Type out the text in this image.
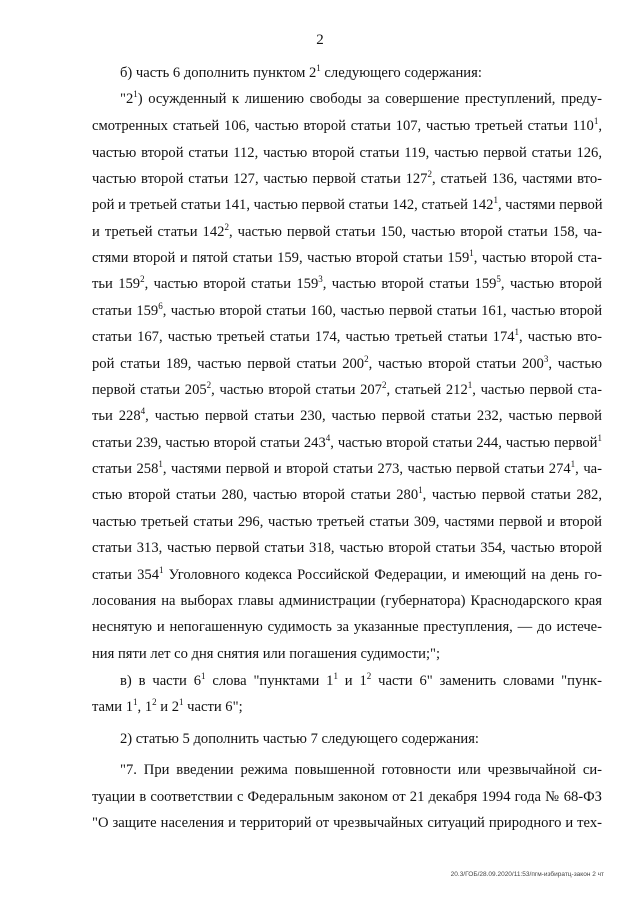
2
б) часть 6 дополнить пунктом $2^1$ следующего содержания:
"$2^1$) осужденный к лишению свободы за совершение преступлений, преду-
смотренных статьей 106, частью второй статьи 107, частью третьей статьи $110^1$,
частью второй статьи 112, частью второй статьи 119, частью первой статьи 126,
частью второй статьи 127, частью первой статьи $127^2$, статьей 136, частями вто-
рой и третьей статьи 141, частью первой статьи 142, статьей $142^1$, частями первой
и третьей статьи $142^2$, частью первой статьи 150, частью второй статьи 158, ча-
стями второй и пятой статьи 159, частью второй статьи $159^1$, частью второй ста-
тьи $159^2$, частью второй статьи $159^3$, частью второй статьи $159^5$, частью второй
статьи $159^6$, частью второй статьи 160, частью первой статьи 161, частью второй
статьи 167, частью третьей статьи 174, частью третьей статьи $174^1$, частью вто-
рой статьи 189, частью первой статьи $200^2$, частью второй статьи $200^3$, частью
первой статьи $205^2$, частью второй статьи $207^2$, статьей $212^1$, частью первой ста-
тьи $228^4$, частью первой статьи 230, частью первой статьи 232, частью первой
статьи 239, частью второй статьи $243^4$, частью второй статьи 244, частью первой$^1$
статьи $258^1$, частями первой и второй статьи 273, частью первой статьи $274^1$, ча-
стью второй статьи 280, частью второй статьи $280^1$, частью первой статьи 282,
частью третьей статьи 296, частью третьей статьи 309, частями первой и второй
статьи 313, частью первой статьи 318, частью второй статьи 354, частью второй
статьи $354^1$ Уголовного кодекса Российской Федерации, и имеющий на день го-
лосования на выборах главы администрации (губернатора) Краснодарского края
неснятую и непогашенную судимость за указанные преступления, — до истече-
ния пяти лет со дня снятия или погашения судимости;";
в) в части $6^1$ слова "пунктами $1^1$ и $1^2$ части 6" заменить словами "пунк-
тами $1^1$, $1^2$ и $2^1$ части 6";
2) статью 5 дополнить частью 7 следующего содержания:
"7. При введении режима повышенной готовности или чрезвычайной си-
туации в соответствии с Федеральным законом от 21 декабря 1994 года № 68-ФЗ
"О защите населения и территорий от чрезвычайных ситуаций природного и тех-
20.3/ГОБ/28.09.2020/11:53/пгм-избиратц-закон 2 чт
